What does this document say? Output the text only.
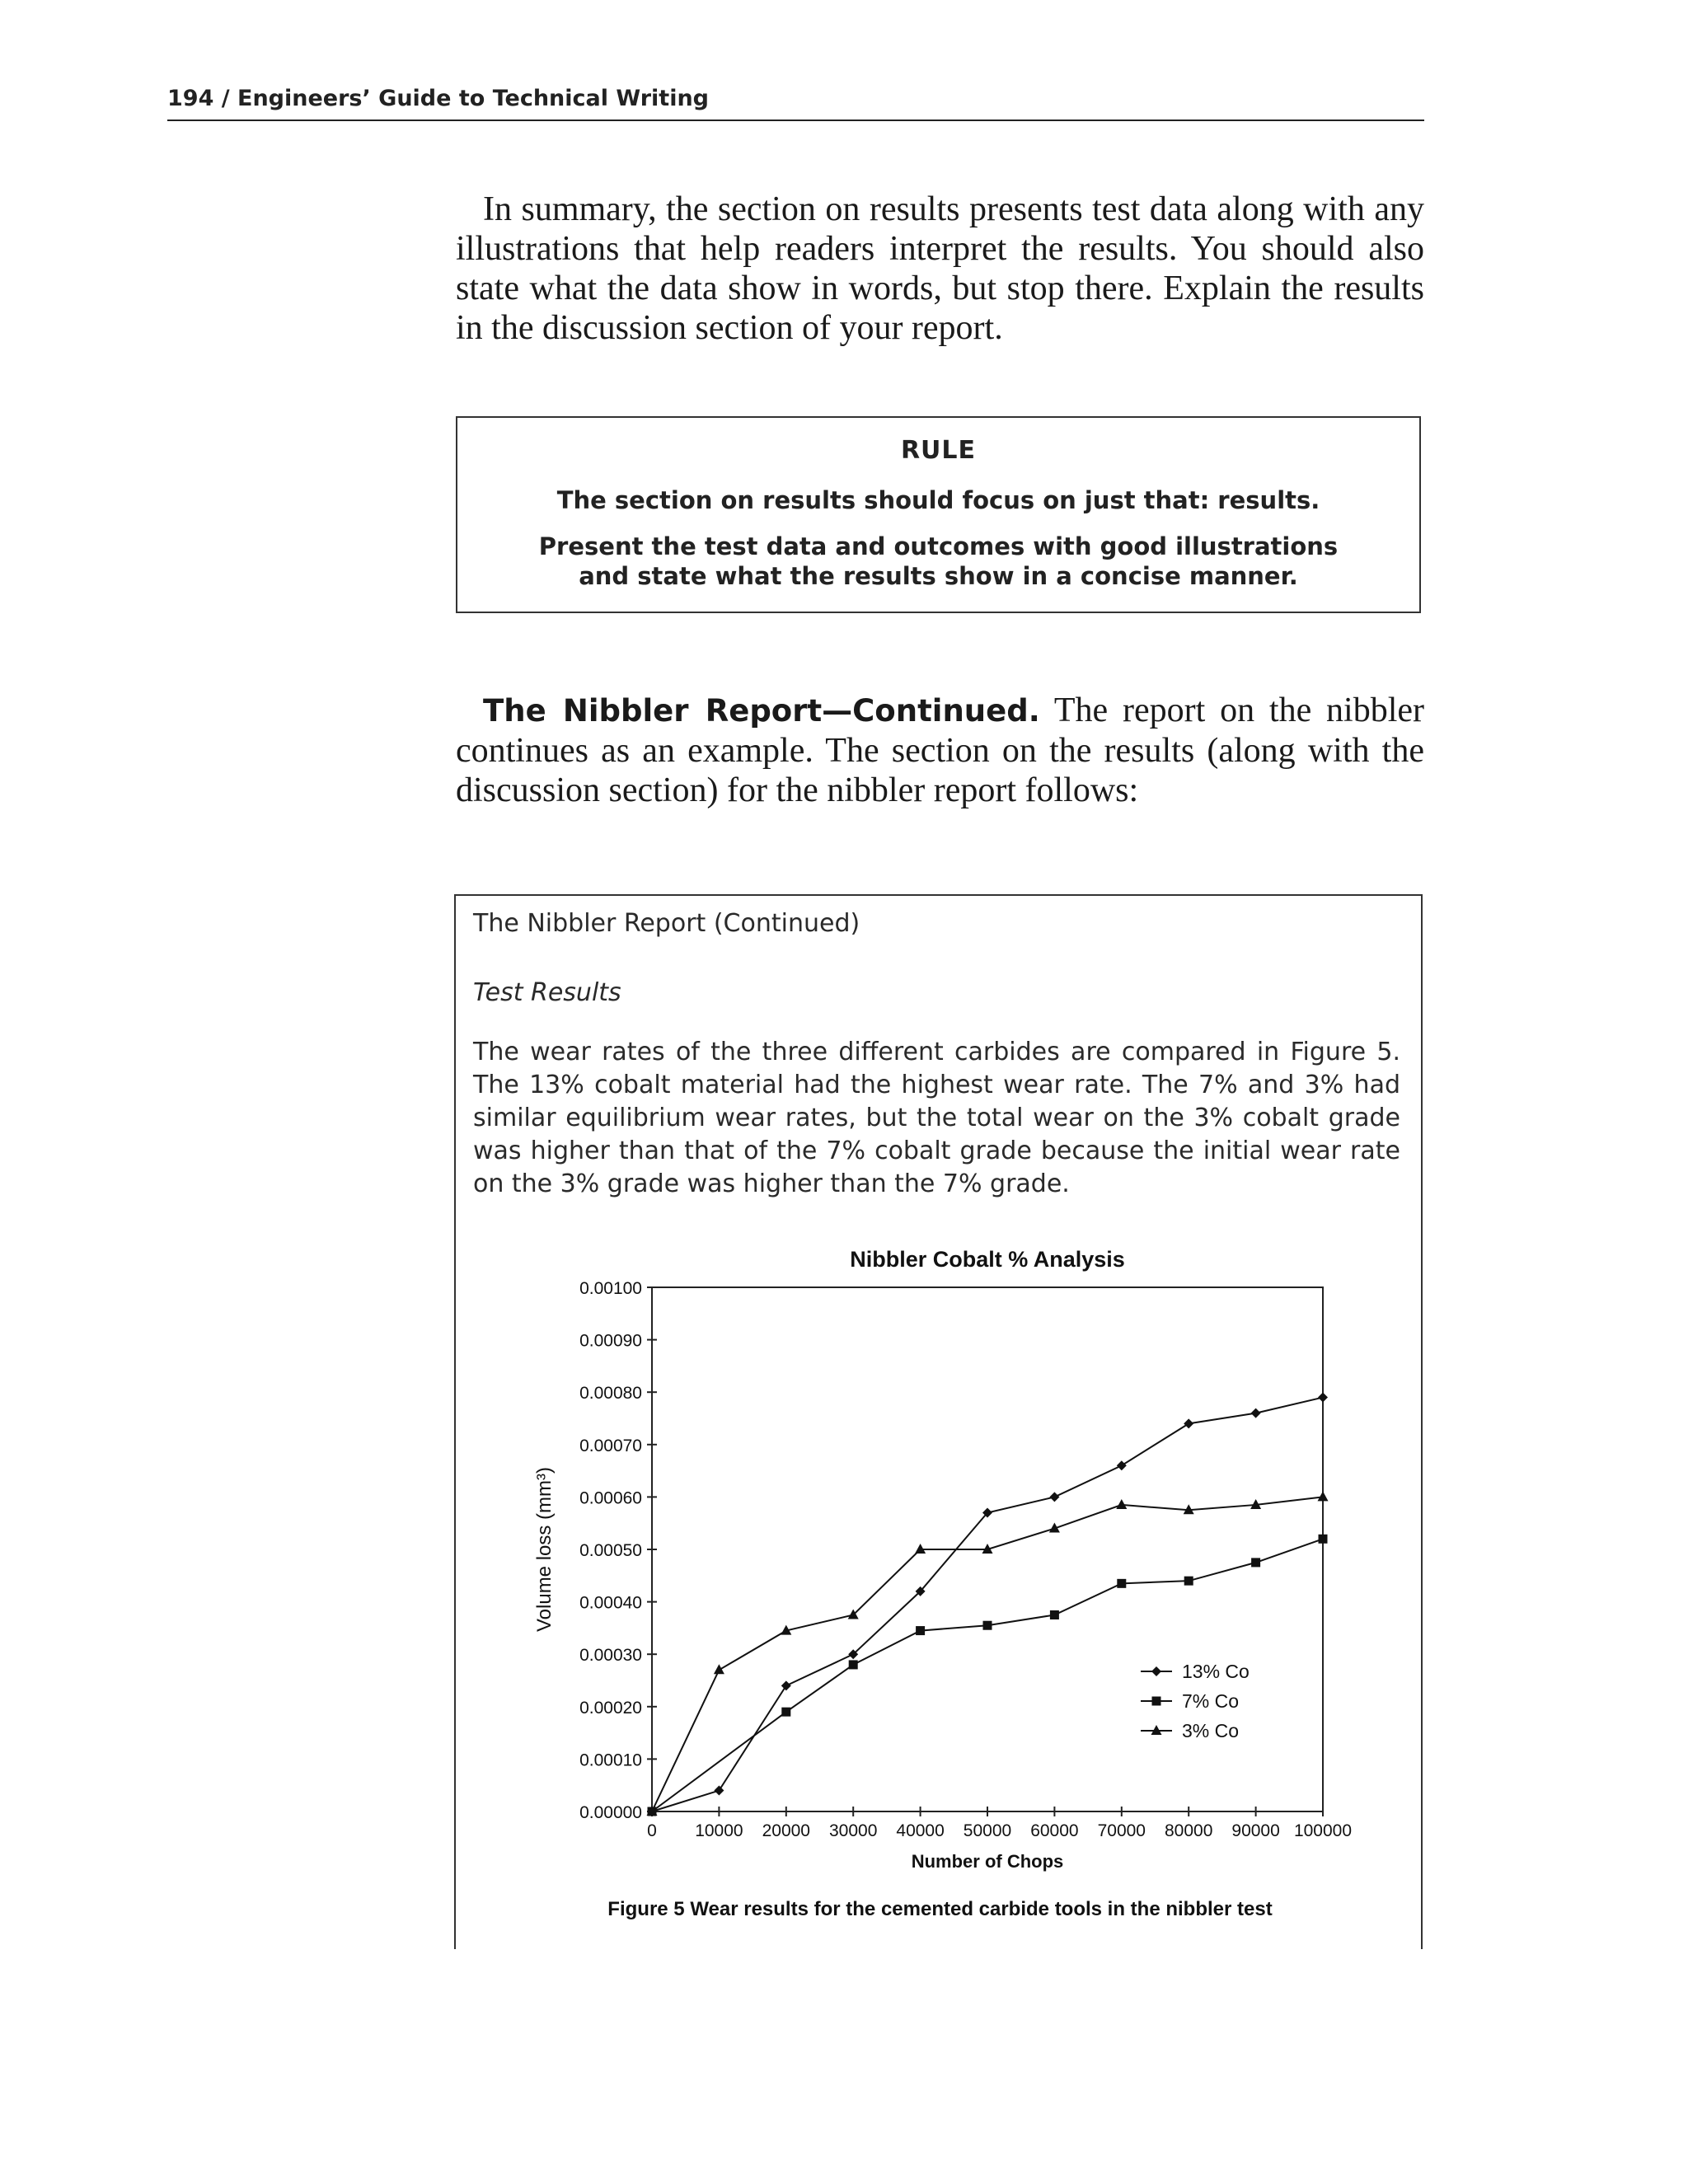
194 / Engineers’ Guide to Technical Writing
In summary, the section on results presents test data along with any illustrations that help readers interpret the results. You should also state what the data show in words, but stop there. Explain the results in the discussion section of your report.
RULE
The section on results should focus on just that: results.
Present the test data and outcomes with good illustrations
and state what the results show in a concise manner.
The Nibbler Report—Continued. The report on the nibbler continues as an example. The section on the results (along with the discussion section) for the nibbler report follows:
The Nibbler Report (Continued)
Test Results
The wear rates of the three different carbides are compared in Figure 5. The 13% cobalt material had the highest wear rate. The 7% and 3% had similar equilibrium wear rates, but the total wear on the 3% cobalt grade was higher than that of the 7% cobalt grade because the initial wear rate on the 3% grade was higher than the 7% grade.
Nibbler Cobalt % Analysis
0.00000
0.00010
0.00020
0.00030
0.00040
0.00050
0.00060
0.00070
0.00080
0.00090
0.00100
0 10000 20000 30000 40000 50000 60000 70000 80000 90000 100000
Number of Chops
Volume loss (mm³)
13% Co
7% Co
3% Co
Figure 5 Wear results for the cemented carbide tools in the nibbler test
